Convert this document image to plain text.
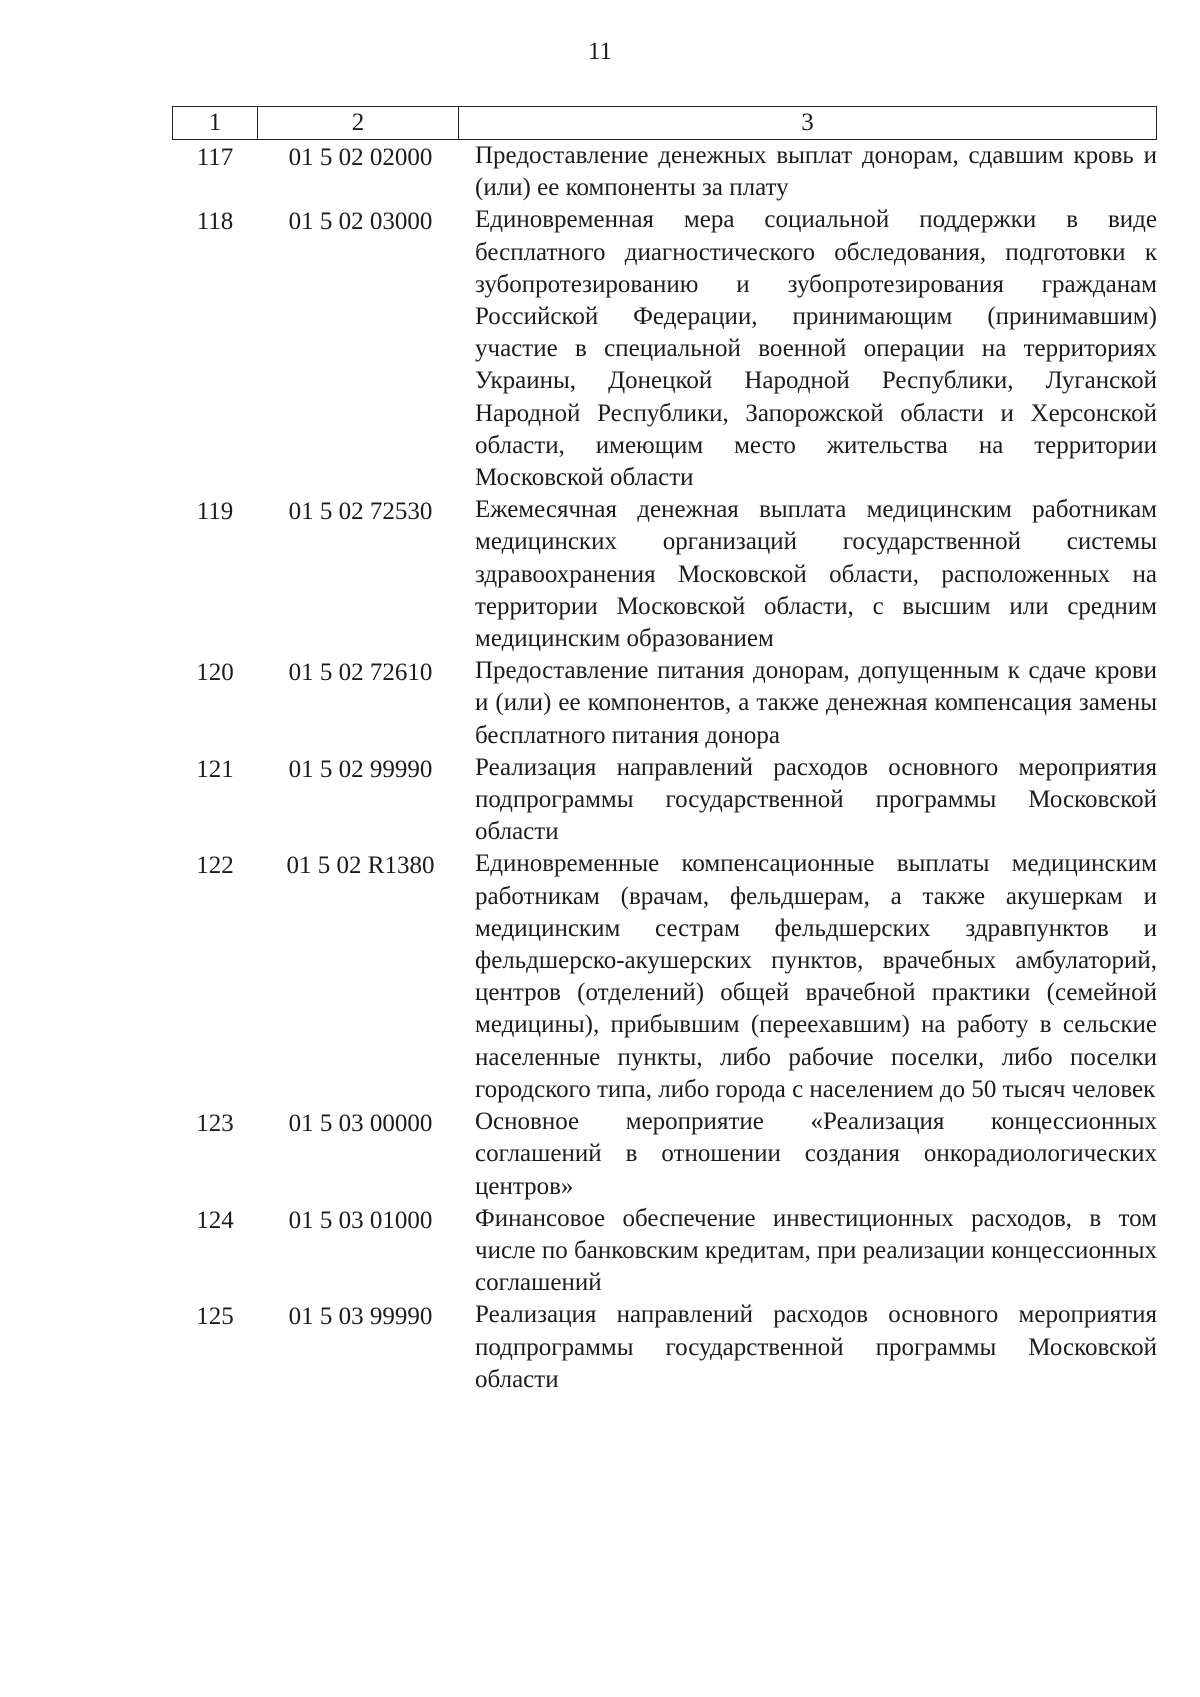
11
1	2	3
117	01 5 02 02000	Предоставление денежных выплат донорам, сдавшим кровь и (или) ее компоненты за плату
118	01 5 02 03000	Единовременная мера социальной поддержки в виде бесплатного диагностического обследования, подготовки к зубопротезированию и зубопротезирования гражданам Российской Федерации, принимающим (принимавшим) участие в специальной военной операции на территориях Украины, Донецкой Народной Республики, Луганской Народной Республики, Запорожской области и Херсонской области, имеющим место жительства на территории Московской области
119	01 5 02 72530	Ежемесячная денежная выплата медицинским работникам медицинских организаций государственной системы здравоохранения Московской области, расположенных на территории Московской области, с высшим или средним медицинским образованием
120	01 5 02 72610	Предоставление питания донорам, допущенным к сдаче крови и (или) ее компонентов, а также денежная компенсация замены бесплатного питания донора
121	01 5 02 99990	Реализация направлений расходов основного мероприятия подпрограммы государственной программы Московской области
122	01 5 02 R1380	Единовременные компенсационные выплаты медицинским работникам (врачам, фельдшерам, а также акушеркам и медицинским сестрам фельдшерских здравпунктов и фельдшерско-акушерских пунктов, врачебных амбулаторий, центров (отделений) общей врачебной практики (семейной медицины), прибывшим (переехавшим) на работу в сельские населенные пункты, либо рабочие поселки, либо поселки городского типа, либо города с населением до 50 тысяч человек
123	01 5 03 00000	Основное мероприятие «Реализация концессионных соглашений в отношении создания онкорадиологических центров»
124	01 5 03 01000	Финансовое обеспечение инвестиционных расходов, в том числе по банковским кредитам, при реализации концессионных соглашений
125	01 5 03 99990	Реализация направлений расходов основного мероприятия подпрограммы государственной программы Московской области
